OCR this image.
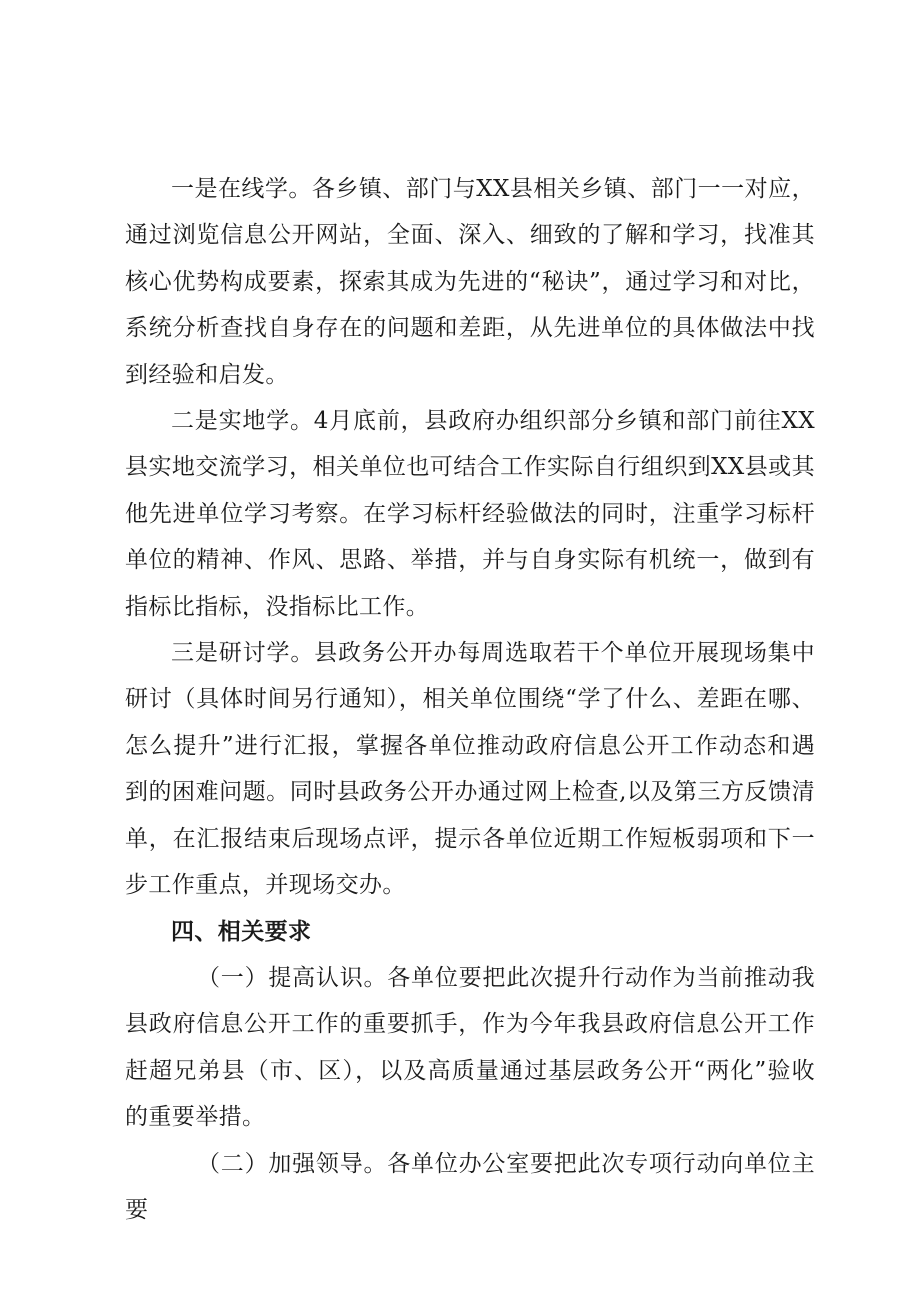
一是在线学。各乡镇、部门与XX县相关乡镇、部门一一对应，通过浏览信息公开网站，全面、深入、细致的了解和学习，找准其核心优势构成要素，探索其成为先进的“秘诀”，通过学习和对比，系统分析查找自身存在的问题和差距，从先进单位的具体做法中找到经验和启发。

二是实地学。4月底前，县政府办组织部分乡镇和部门前往XX县实地交流学习，相关单位也可结合工作实际自行组织到XX县或其他先进单位学习考察。在学习标杆经验做法的同时，注重学习标杆单位的精神、作风、思路、举措，并与自身实际有机统一，做到有指标比指标，没指标比工作。

三是研讨学。县政务公开办每周选取若干个单位开展现场集中研讨（具体时间另行通知），相关单位围绕“学了什么、差距在哪、怎么提升”进行汇报，掌握各单位推动政府信息公开工作动态和遇到的困难问题。同时县政务公开办通过网上检查,以及第三方反馈清单，在汇报结束后现场点评，提示各单位近期工作短板弱项和下一步工作重点，并现场交办。

四、相关要求

（一）提高认识。各单位要把此次提升行动作为当前推动我县政府信息公开工作的重要抓手，作为今年我县政府信息公开工作赶超兄弟县（市、区），以及高质量通过基层政务公开“两化”验收的重要举措。

（二）加强领导。各单位办公室要把此次专项行动向单位主要
